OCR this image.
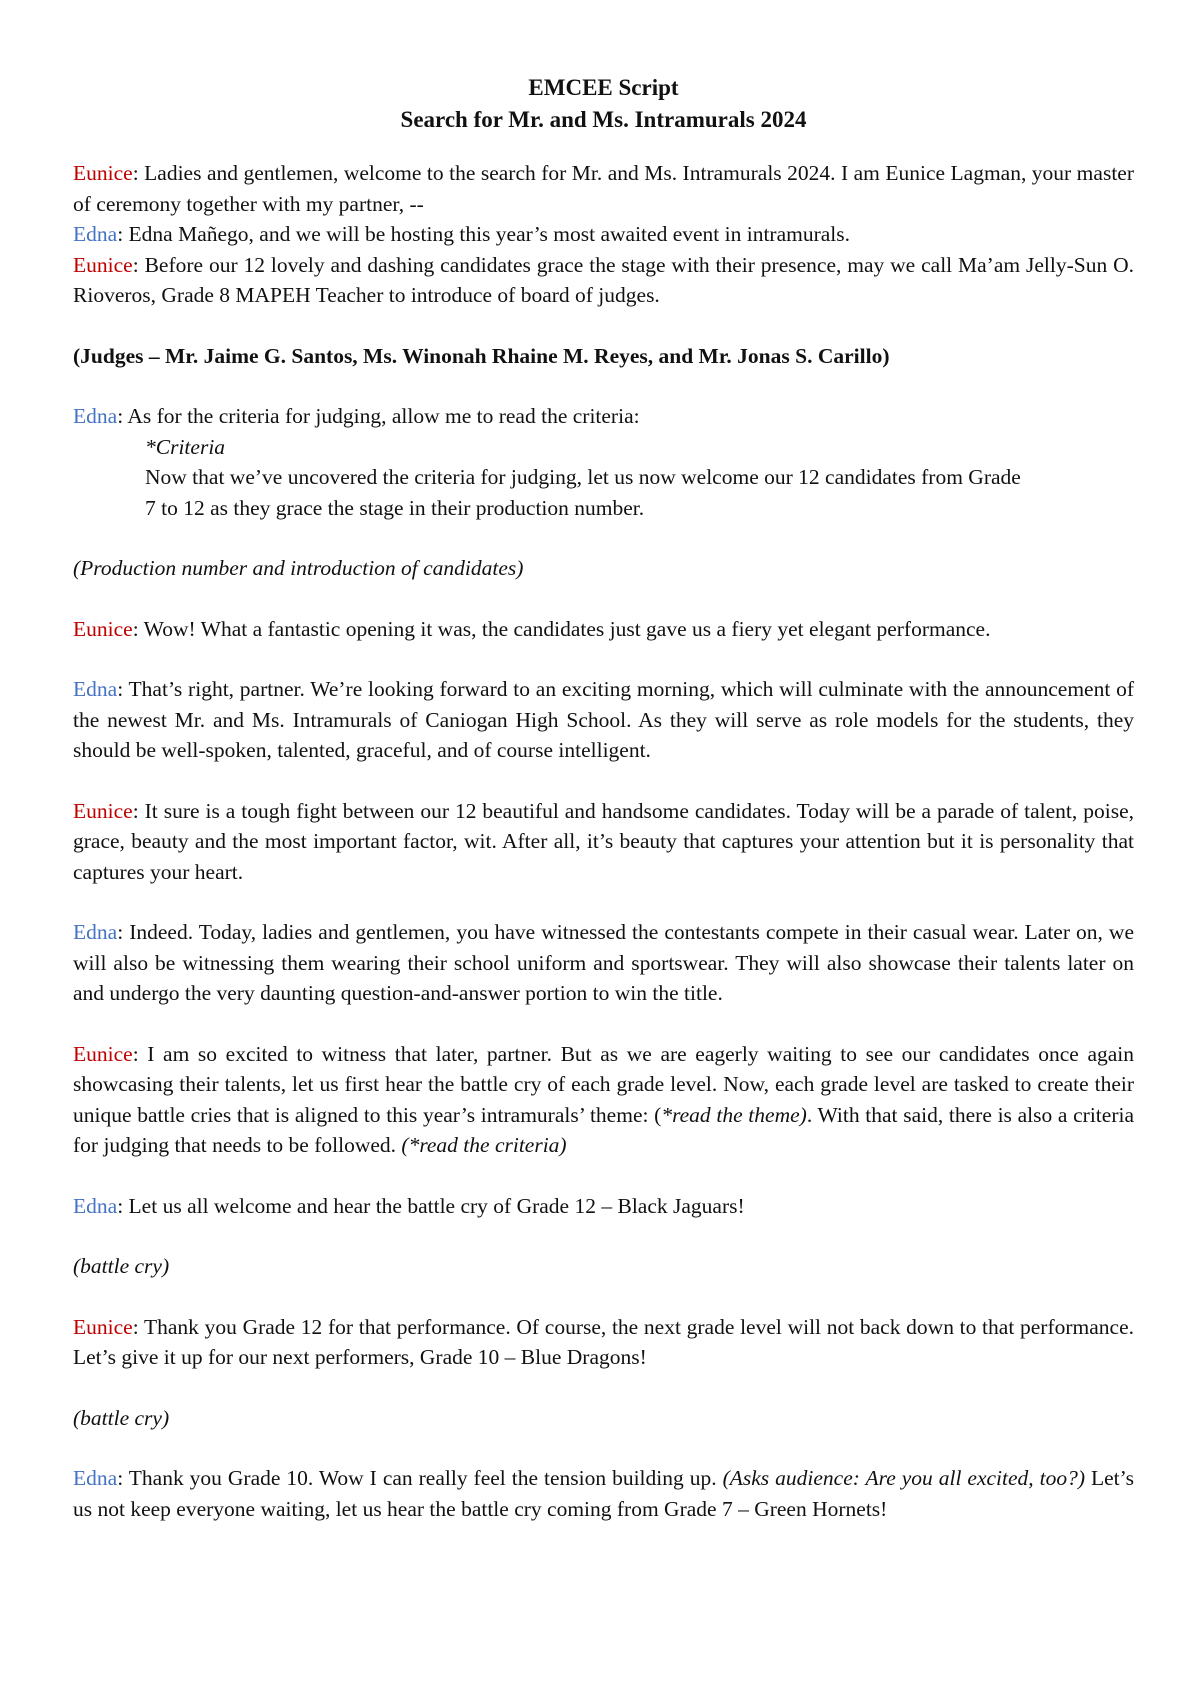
EMCEE Script
Search for Mr. and Ms. Intramurals 2024

Eunice: Ladies and gentlemen, welcome to the search for Mr. and Ms. Intramurals 2024. I am Eunice Lagman, your master of ceremony together with my partner, --

Edna: Edna Mañego, and we will be hosting this year’s most awaited event in intramurals.

Eunice: Before our 12 lovely and dashing candidates grace the stage with their presence, may we call Ma’am Jelly-Sun O. Rioveros, Grade 8 MAPEH Teacher to introduce of board of judges.

(Judges – Mr. Jaime G. Santos, Ms. Winonah Rhaine M. Reyes, and Mr. Jonas S. Carillo)

Edna: As for the criteria for judging, allow me to read the criteria:

*Criteria

Now that we’ve uncovered the criteria for judging, let us now welcome our 12 candidates from Grade

7 to 12 as they grace the stage in their production number.

(Production number and introduction of candidates)

Eunice: Wow! What a fantastic opening it was, the candidates just gave us a fiery yet elegant performance.

Edna: That’s right, partner. We’re looking forward to an exciting morning, which will culminate with the announcement of the newest Mr. and Ms. Intramurals of Caniogan High School. As they will serve as role models for the students, they should be well-spoken, talented, graceful, and of course intelligent.

Eunice: It sure is a tough fight between our 12 beautiful and handsome candidates. Today will be a parade of talent, poise, grace, beauty and the most important factor, wit. After all, it’s beauty that captures your attention but it is personality that captures your heart.

Edna: Indeed. Today, ladies and gentlemen, you have witnessed the contestants compete in their casual wear. Later on, we will also be witnessing them wearing their school uniform and sportswear. They will also showcase their talents later on and undergo the very daunting question-and-answer portion to win the title.

Eunice: I am so excited to witness that later, partner. But as we are eagerly waiting to see our candidates once again showcasing their talents, let us first hear the battle cry of each grade level. Now, each grade level are tasked to create their unique battle cries that is aligned to this year’s intramurals’ theme: (*read the theme). With that said, there is also a criteria for judging that needs to be followed. (*read the criteria)

Edna: Let us all welcome and hear the battle cry of Grade 12 – Black Jaguars!

(battle cry)

Eunice: Thank you Grade 12 for that performance. Of course, the next grade level will not back down to that performance. Let’s give it up for our next performers, Grade 10 – Blue Dragons!

(battle cry)

Edna: Thank you Grade 10. Wow I can really feel the tension building up. (Asks audience: Are you all excited, too?) Let’s us not keep everyone waiting, let us hear the battle cry coming from Grade 7 – Green Hornets!
